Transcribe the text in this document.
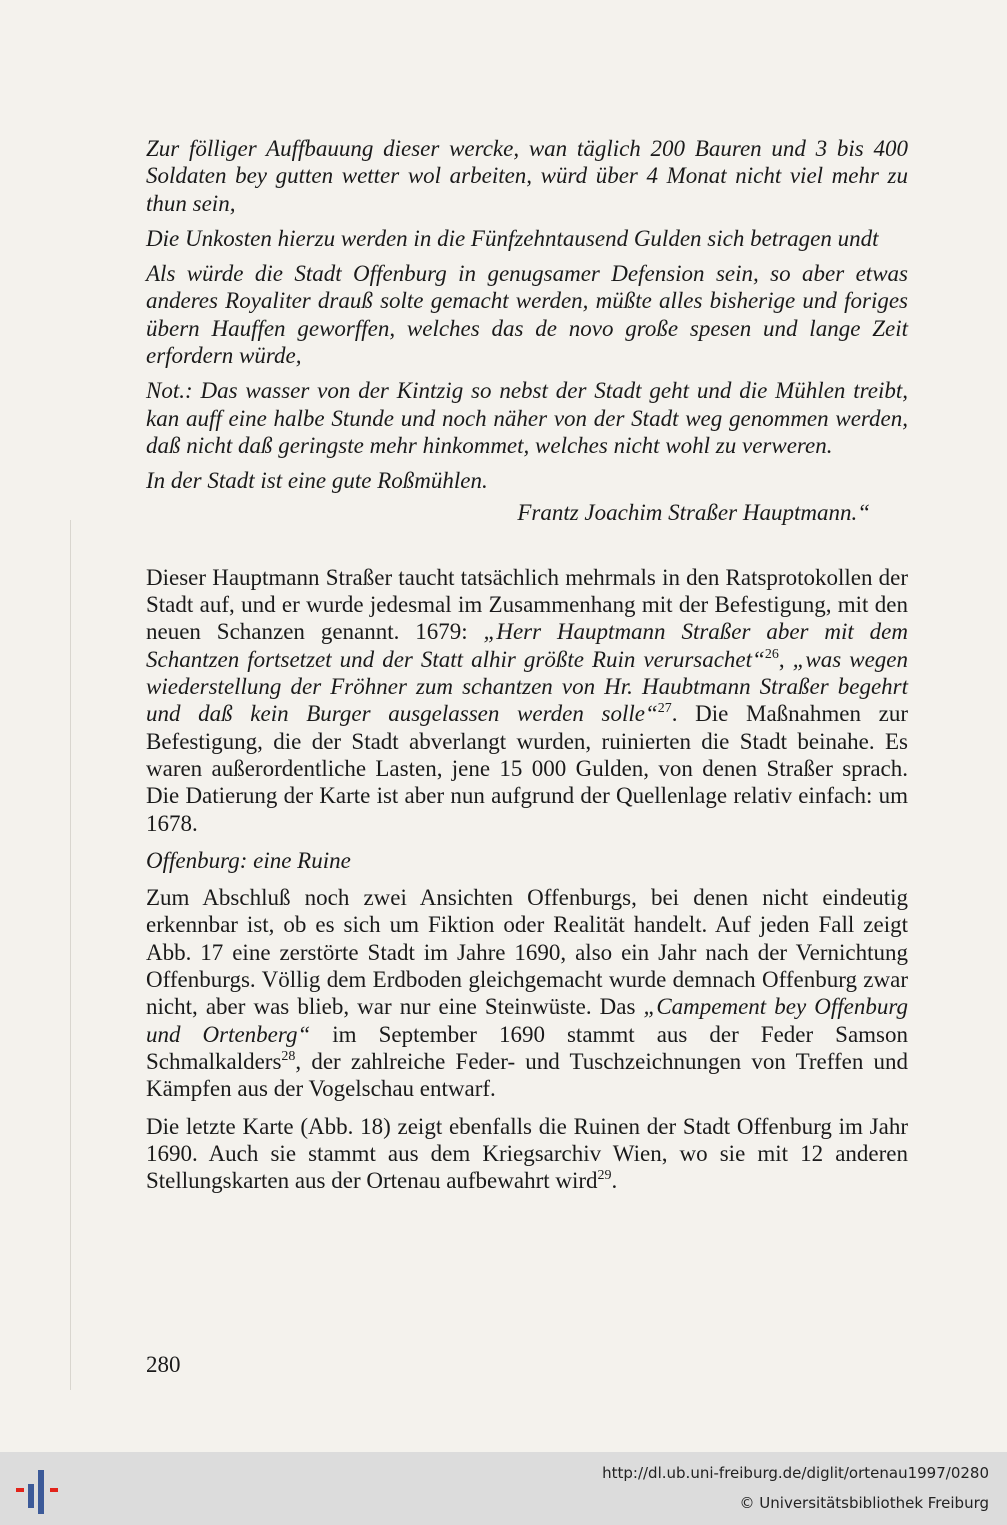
Zur fölliger Auffbauung dieser wercke, wan täglich 200 Bauren und 3 bis 400 Soldaten bey gutten wetter wol arbeiten, würd über 4 Monat nicht viel mehr zu thun sein,

Die Unkosten hierzu werden in die Fünfzehntausend Gulden sich betragen undt

Als würde die Stadt Offenburg in genugsamer Defension sein, so aber etwas anderes Royaliter drauß solte gemacht werden, müßte alles bisherige und foriges übern Hauffen geworffen, welches das de novo große spesen und lange Zeit erfordern würde,

Not.: Das wasser von der Kintzig so nebst der Stadt geht und die Mühlen treibt, kan auff eine halbe Stunde und noch näher von der Stadt weg genommen werden, daß nicht daß geringste mehr hinkommet, welches nicht wohl zu verweren.

In der Stadt ist eine gute Roßmühlen.

Frantz Joachim Straßer Hauptmann.“

Dieser Hauptmann Straßer taucht tatsächlich mehrmals in den Ratsprotokollen der Stadt auf, und er wurde jedesmal im Zusammenhang mit der Befestigung, mit den neuen Schanzen genannt. 1679: „Herr Hauptmann Straßer aber mit dem Schantzen fortsetzet und der Statt alhir größte Ruin verursachet“$^{26}$, „was wegen wiederstellung der Fröhner zum schantzen von Hr. Haubtmann Straßer begehrt und daß kein Burger ausgelassen werden solle“$^{27}$. Die Maßnahmen zur Befestigung, die der Stadt abverlangt wurden, ruinierten die Stadt beinahe. Es waren außerordentliche Lasten, jene 15 000 Gulden, von denen Straßer sprach. Die Datierung der Karte ist aber nun aufgrund der Quellenlage relativ einfach: um 1678.

Offenburg: eine Ruine

Zum Abschluß noch zwei Ansichten Offenburgs, bei denen nicht eindeutig erkennbar ist, ob es sich um Fiktion oder Realität handelt. Auf jeden Fall zeigt Abb. 17 eine zerstörte Stadt im Jahre 1690, also ein Jahr nach der Vernichtung Offenburgs. Völlig dem Erdboden gleichgemacht wurde demnach Offenburg zwar nicht, aber was blieb, war nur eine Steinwüste. Das „Campement bey Offenburg und Ortenberg“ im September 1690 stammt aus der Feder Samson Schmalkalders$^{28}$, der zahlreiche Feder- und Tuschzeichnungen von Treffen und Kämpfen aus der Vogelschau entwarf.

Die letzte Karte (Abb. 18) zeigt ebenfalls die Ruinen der Stadt Offenburg im Jahr 1690. Auch sie stammt aus dem Kriegsarchiv Wien, wo sie mit 12 anderen Stellungskarten aus der Ortenau aufbewahrt wird$^{29}$.

280
http://dl.ub.uni-freiburg.de/diglit/ortenau1997/0280
© Universitätsbibliothek Freiburg
